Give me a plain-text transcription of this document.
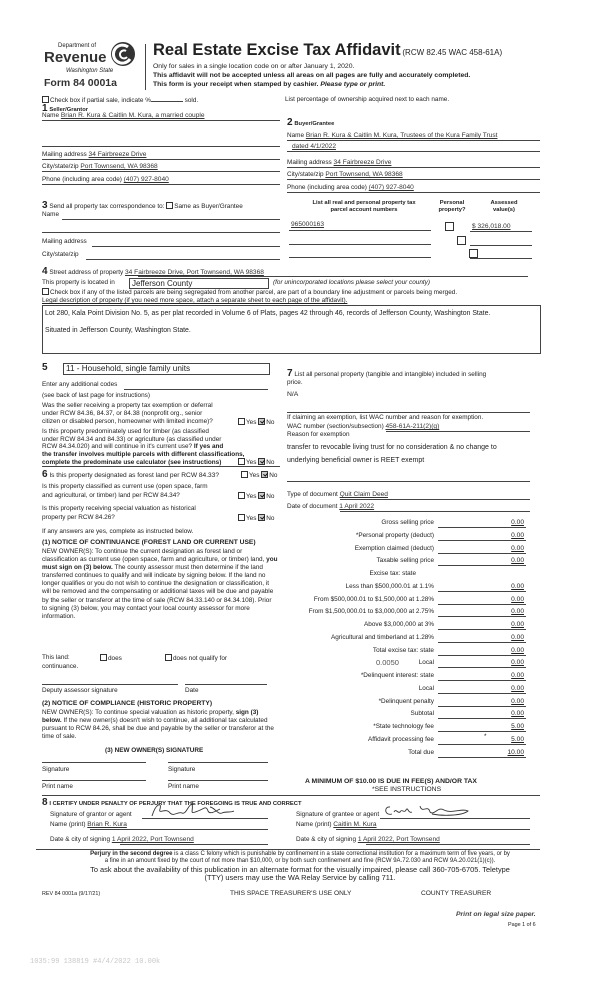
Department of
Revenue
Washington State
Form 84 0001a
Real Estate Excise Tax Affidavit (RCW 82.45 WAC 458-61A)
Only for sales in a single location code on or after January 1, 2020.
This affidavit will not be accepted unless all areas on all pages are fully and accurately completed.
This form is your receipt when stamped by cashier. Please type or print.
Check box if partial sale, indicate %	sold.	List percentage of ownership acquired next to each name.
1 Seller/Grantor
Name Brian R. Kura & Caitlin M. Kura, a married couple
Mailing address 34 Fairbreeze Drive
City/state/zip Port Townsend, WA 98368
Phone (including area code) (407) 927-8040
2 Buyer/Grantee
Name Brian R. Kura & Caitlin M. Kura, Trustees of the Kura Family Trust
dated 4/1/2022
Mailing address 34 Fairbreeze Drive
City/state/zip Port Townsend, WA 98368
Phone (including area code) (407) 927-8040
3 Send all property tax correspondence to: Same as Buyer/Grantee
Name
Mailing address
City/state/zip
List all real and personal property tax
parcel account numbers
Personal
property?
Assessed
value(s)
965000163
	$ 326,018.00
4 Street address of property 34 Fairbreeze Drive, Port Townsend, WA 98368
This property is located in Jefferson County	(for unincorporated locations please select your county)
Check box if any of the listed parcels are being segregated from another parcel, are part of a boundary line adjustment or parcels being merged.
Legal description of property (if you need more space, attach a separate sheet to each page of the affidavit).
Lot 280, Kala Point Division No. 5, as per plat recorded in Volume 6 of Plats, pages 42 through 46, records of Jefferson County, Washington State.
Situated in Jefferson County, Washington State.
5 11 - Household, single family units
Enter any additional codes
(see back of last page for instructions)
Was the seller receiving a property tax exemption or deferral
under RCW 84.36, 84.37, or 84.38 (nonprofit org., senior
citizen or disabled person, homeowner with limited income)?	Yes No
Is this property predominately used for timber (as classified
under RCW 84.34 and 84.33) or agriculture (as classified under
RCW 84.34.020) and will continue in it's current use? If yes and
the transfer involves multiple parcels with different classifications,
complete the predominate use calculator (see instructions)	Yes No
6 Is this property designated as forest land per RCW 84.33?	Yes No
Is this property classified as current use (open space, farm
and agricultural, or timber) land per RCW 84.34?	Yes No
Is this property receiving special valuation as historical
property per RCW 84.26?	Yes No
If any answers are yes, complete as instructed below.
(1) NOTICE OF CONTINUANCE (FOREST LAND OR CURRENT USE)
NEW OWNER(S): To continue the current designation as forest land or classification as current use (open space, farm and agriculture, or timber) land, you must sign on (3) below. The county assessor must then determine if the land transferred continues to qualify and will indicate by signing below. If the land no longer qualifies or you do not wish to continue the designation or classification, it will be removed and the compensating or additional taxes will be due and payable by the seller or transferor at the time of sale (RCW 84.33.140 or 84.34.108). Prior to signing (3) below, you may contact your local county assessor for more information.
This land:	does	does not qualify for
continuance.
Deputy assessor signature	Date
(2) NOTICE OF COMPLIANCE (HISTORIC PROPERTY)
NEW OWNER(S): To continue special valuation as historic property, sign (3) below. If the new owner(s) doesn't wish to continue, all additional tax calculated pursuant to RCW 84.26, shall be due and payable by the seller or transferor at the time of sale.
(3) NEW OWNER(S) SIGNATURE
Signature	Signature
Print name	Print name
7 List all personal property (tangible and intangible) included in selling
price.
N/A
If claiming an exemption, list WAC number and reason for exemption.
WAC number (section/subsection) 458-61A-211(2)(g)
Reason for exemption
transfer to revocable living trust for no consideration & no change to
underlying beneficial owner is REET exempt
Type of document Quit Claim Deed
Date of document 1 April 2022
Gross selling price	0.00
*Personal property (deduct)	0.00
Exemption claimed (deduct)	0.00
Taxable selling price	0.00
Excise tax: state
Less than $500,000.01 at 1.1%	0.00
From $500,000.01 to $1,500,000 at 1.28%	0.00
From $1,500,000.01 to $3,000,000 at 2.75%	0.00
Above $3,000,000 at 3%	0.00
Agricultural and timberland at 1.28%	0.00
Total excise tax: state	0.00
Local	0.00
0.0050
*Delinquent interest: state	0.00
Local	0.00
*Delinquent penalty	0.00
Subtotal	0.00
*State technology fee	5.00
Affidavit processing fee	5.00
*
Total due	10.00
A MINIMUM OF $10.00 IS DUE IN FEE(S) AND/OR TAX
*SEE INSTRUCTIONS
8 I CERTIFY UNDER PENALTY OF PERJURY THAT THE FOREGOING IS TRUE AND CORRECT
Signature of grantor or agent
Name (print) Brian R. Kura
Date & city of signing 1 April 2022, Port Townsend
Signature of grantee or agent
Name (print) Caitlin M. Kura
Date & city of signing 1 April 2022, Port Townsend
Perjury in the second degree is a class C felony which is punishable by confinement in a state correctional institution for a maximum term of five years, or by
a fine in an amount fixed by the court of not more than $10,000, or by both such confinement and fine (RCW 9A.72.030 and RCW 9A.20.021(1)(c)).
To ask about the availability of this publication in an alternate format for the visually impaired, please call 360-705-6705. Teletype
(TTY) users may use the WA Relay Service by calling 711.
REV 84 0001a (9/17/21)	THIS SPACE TREASURER'S USE ONLY	COUNTY TREASURER
Print on legal size paper.
Page 1 of 6
1035:99 138819 #4/4/2022 10.00k
